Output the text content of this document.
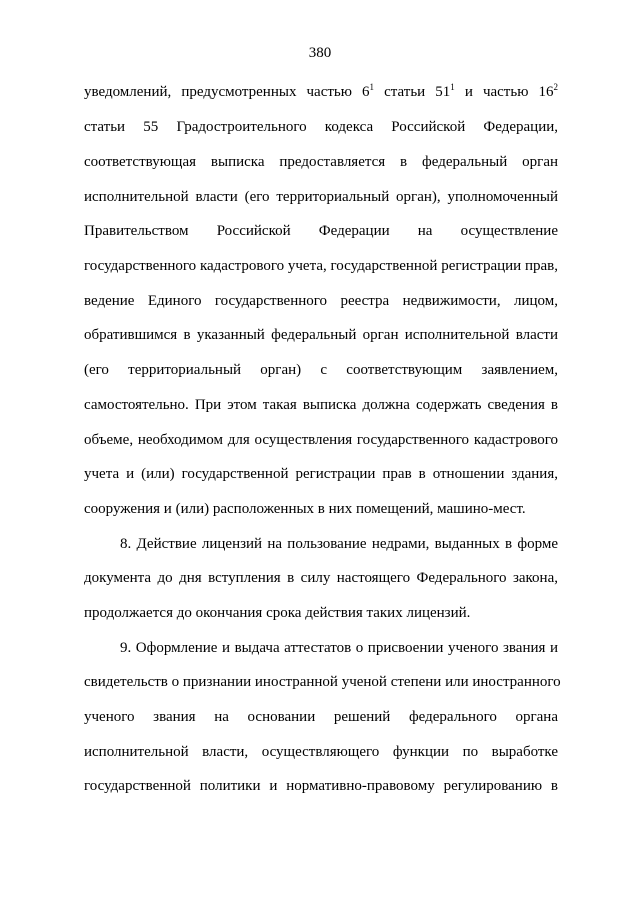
380
уведомлений, предусмотренных частью $6^1$ статьи $51^1$ и частью $16^2$
статьи 55 Градостроительного кодекса Российской Федерации,
соответствующая выписка предоставляется в федеральный орган
исполнительной власти (его территориальный орган), уполномоченный
Правительством Российской Федерации на осуществление
государственного кадастрового учета, государственной регистрации прав,
ведение Единого государственного реестра недвижимости, лицом,
обратившимся в указанный федеральный орган исполнительной власти
(его территориальный орган) с соответствующим заявлением,
самостоятельно. При этом такая выписка должна содержать сведения в
объеме, необходимом для осуществления государственного кадастрового
учета и (или) государственной регистрации прав в отношении здания,
сооружения и (или) расположенных в них помещений, машино-мест.
8. Действие лицензий на пользование недрами, выданных в форме
документа до дня вступления в силу настоящего Федерального закона,
продолжается до окончания срока действия таких лицензий.
9. Оформление и выдача аттестатов о присвоении ученого звания и
свидетельств о признании иностранной ученой степени или иностранного
ученого звания на основании решений федерального органа
исполнительной власти, осуществляющего функции по выработке
государственной политики и нормативно-правовому регулированию в
